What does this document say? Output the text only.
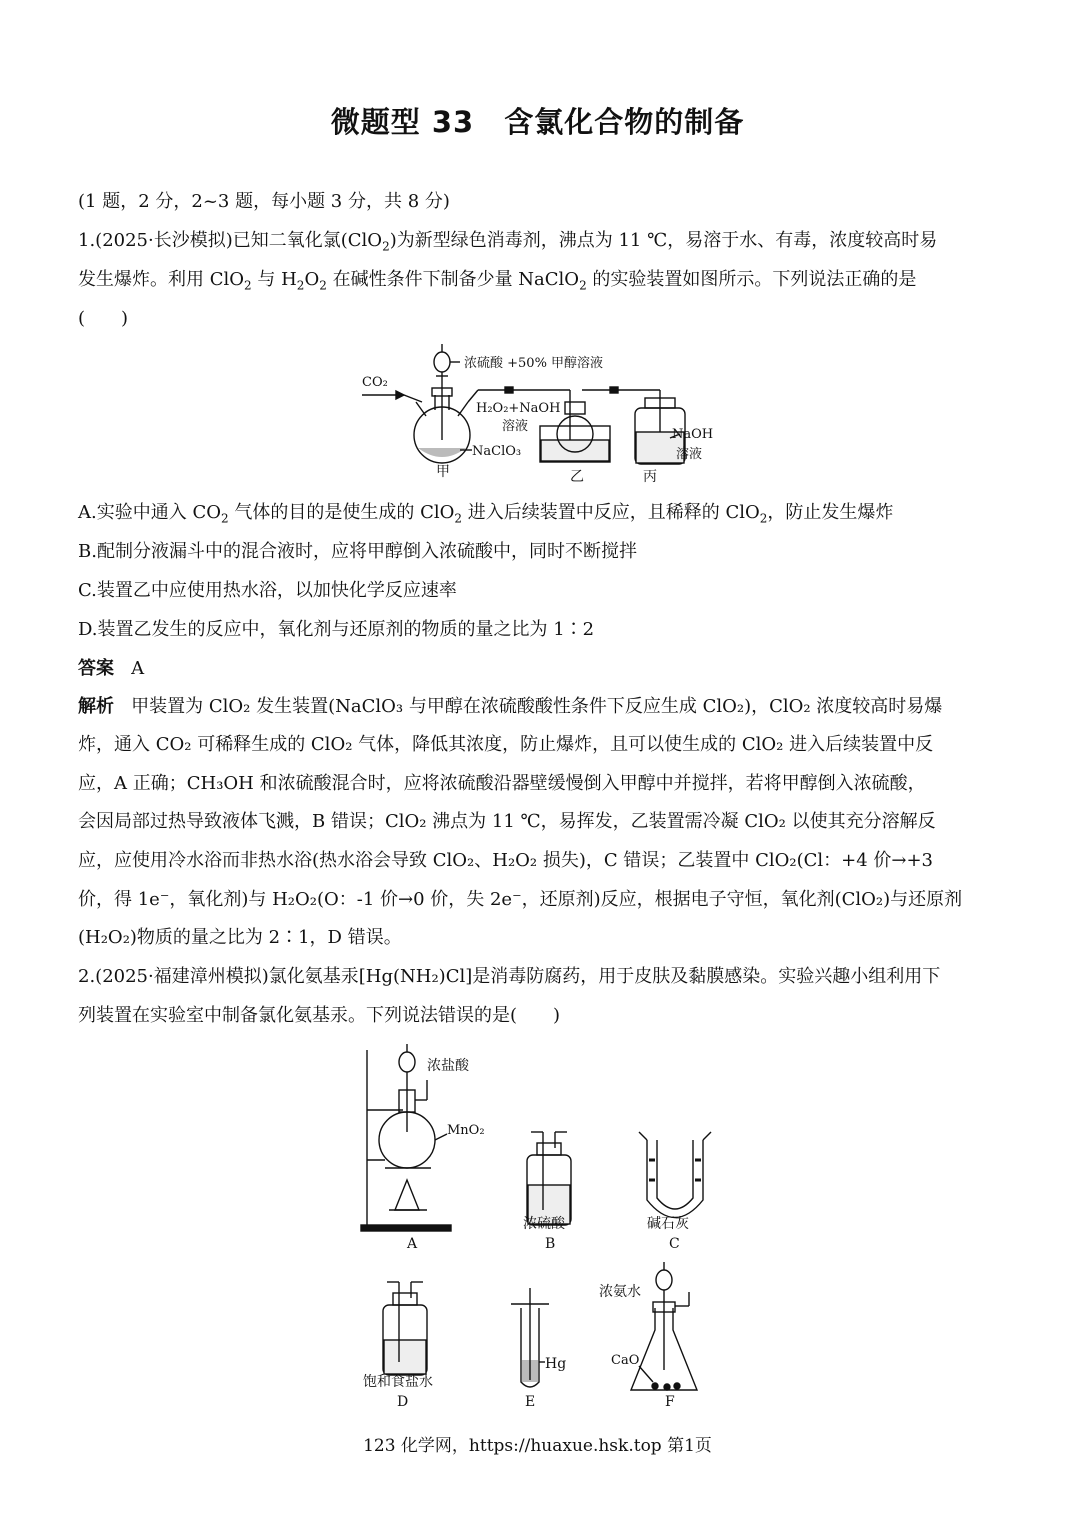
微题型 33　含氯化合物的制备
(1 题，2 分，2~3 题，每小题 3 分，共 8 分)
1.(2025·长沙模拟)已知二氧化氯(ClO$_2$)为新型绿色消毒剂，沸点为 11 ℃，易溶于水、有毒，浓度较高时易
发生爆炸。利用 ClO$_2$ 与 $H_2O_2$ 在碱性条件下制备少量 NaClO$_2$ 的实验装置如图所示。下列说法正确的是
(　　)
CO₂
浓硫酸 +50% 甲醇溶液
H₂O₂+NaOH
溶液
NaClO₃
NaOH
溶液
甲	乙	丙
A.实验中通入 $CO_2$ 气体的目的是使生成的 ClO$_2$ 进入后续装置中反应，且稀释的 ClO$_2$，防止发生爆炸
B.配制分液漏斗中的混合液时，应将甲醇倒入浓硫酸中，同时不断搅拌
C.装置乙中应使用热水浴，以加快化学反应速率
D.装置乙发生的反应中，氧化剂与还原剂的物质的量之比为 1∶2
答案 A
解析 甲装置为 ClO₂ 发生装置(NaClO₃ 与甲醇在浓硫酸酸性条件下反应生成 ClO₂)，ClO₂ 浓度较高时易爆
炸，通入 CO₂ 可稀释生成的 ClO₂ 气体，降低其浓度，防止爆炸，且可以使生成的 ClO₂ 进入后续装置中反
应，A 正确；CH₃OH 和浓硫酸混合时，应将浓硫酸沿器壁缓慢倒入甲醇中并搅拌，若将甲醇倒入浓硫酸，
会因局部过热导致液体飞溅，B 错误；ClO₂ 沸点为 11 ℃，易挥发，乙装置需冷凝 ClO₂ 以使其充分溶解反
应，应使用冷水浴而非热水浴(热水浴会导致 ClO₂、H₂O₂ 损失)，C 错误；乙装置中 ClO₂(Cl：+4 价→+3
价，得 1e⁻，氧化剂)与 H₂O₂(O：-1 价→0 价，失 2e⁻，还原剂)反应，根据电子守恒，氧化剂(ClO₂)与还原剂
(H₂O₂)物质的量之比为 2∶1，D 错误。
2.(2025·福建漳州模拟)氯化氨基汞[Hg(NH₂)Cl]是消毒防腐药，用于皮肤及黏膜感染。实验兴趣小组利用下
列装置在实验室中制备氯化氨基汞。下列说法错误的是(　　)
浓盐酸
MnO₂
A
浓硫酸
B
碱石灰
C
饱和食盐水
D
Hg
E
浓氨水
CaO
F
123 化学网，https://huaxue.hsk.top 第1页
